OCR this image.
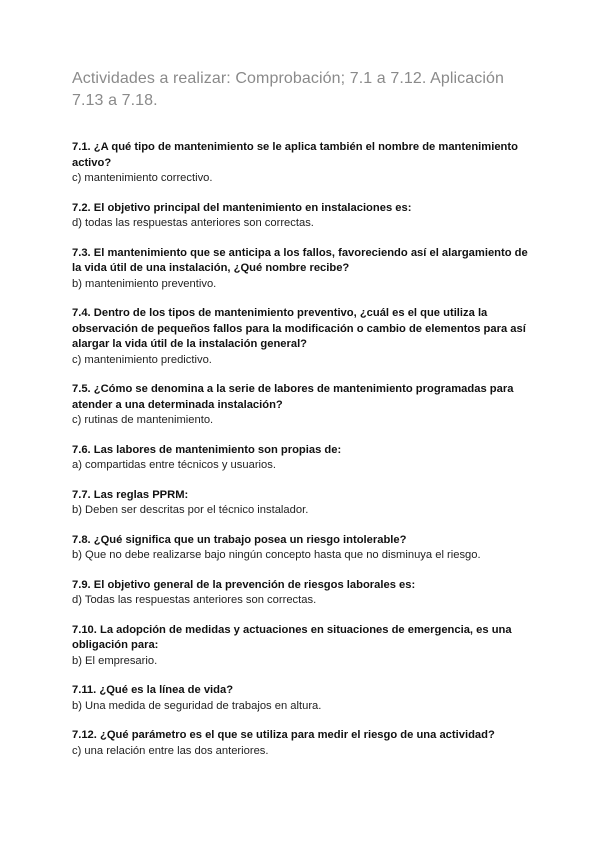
Actividades a realizar: Comprobación; 7.1 a 7.12. Aplicación 7.13 a 7.18.

7.1. ¿A qué tipo de mantenimiento se le aplica también el nombre de mantenimiento activo?

c) mantenimiento correctivo.

7.2. El objetivo principal del mantenimiento en instalaciones es:

d) todas las respuestas anteriores son correctas.

7.3. El mantenimiento que se anticipa a los fallos, favoreciendo así el alargamiento de la vida útil de una instalación, ¿Qué nombre recibe?

b) mantenimiento preventivo.

7.4. Dentro de los tipos de mantenimiento preventivo, ¿cuál es el que utiliza la observación de pequeños fallos para la modificación o cambio de elementos para así alargar la vida útil de la instalación general?

c) mantenimiento predictivo.

7.5. ¿Cómo se denomina a la serie de labores de mantenimiento programadas para atender a una determinada instalación?

c) rutinas de mantenimiento.

7.6. Las labores de mantenimiento son propias de:

a) compartidas entre técnicos y usuarios.

7.7. Las reglas PPRM:

b) Deben ser descritas por el técnico instalador.

7.8. ¿Qué significa que un trabajo posea un riesgo intolerable?

b) Que no debe realizarse bajo ningún concepto hasta que no disminuya el riesgo.

7.9. El objetivo general de la prevención de riesgos laborales es:

d) Todas las respuestas anteriores son correctas.

7.10. La adopción de medidas y actuaciones en situaciones de emergencia, es una obligación para:

b) El empresario.

7.11. ¿Qué es la línea de vida?

b) Una medida de seguridad de trabajos en altura.

7.12. ¿Qué parámetro es el que se utiliza para medir el riesgo de una actividad?

c) una relación entre las dos anteriores.
